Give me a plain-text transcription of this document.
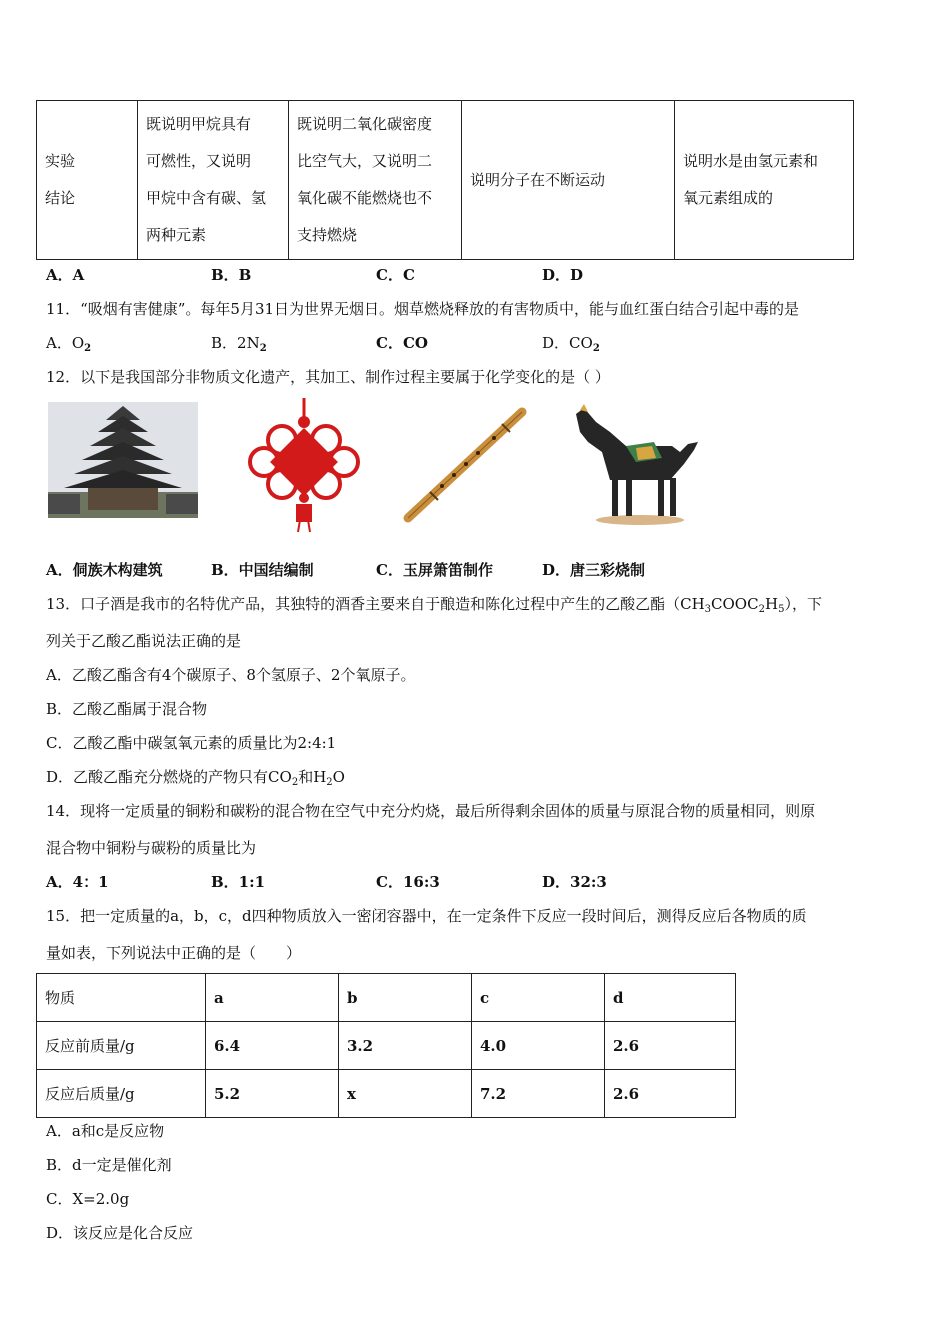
实验
结论

既说明甲烷具有
可燃性，又说明
甲烷中含有碳、氢
两种元素

既说明二氧化碳密度
比空气大，又说明二
氧化碳不能燃烧也不
支持燃烧

说明分子在不断运动

说明水是由氢元素和
氧元素组成的
A．A	B．B	C．C	D．D
11．“吸烟有害健康”。每年5月31日为世界无烟日。烟草燃烧释放的有害物质中，能与血红蛋白结合引起中毒的是
A．$O_2$	B．$2N_2$	C．CO	D．$CO_2$
12．以下是我国部分非物质文化遗产，其加工、制作过程主要属于化学变化的是（ ）
A．侗族木构建筑	B．中国结编制	C．玉屏箫笛制作	D．唐三彩烧制
13．口子酒是我市的名特优产品，其独特的酒香主要来自于酿造和陈化过程中产生的乙酸乙酯$(CH_3COOC_2H_5)$，下
列关于乙酸乙酯说法正确的是
A．乙酸乙酯含有4个碳原子、8个氢原子、2个氧原子。
B．乙酸乙酯属于混合物
C．乙酸乙酯中碳氢氧元素的质量比为2:4:1
D．乙酸乙酯充分燃烧的产物只有$CO_2$和$H_2O$
14．现将一定质量的铜粉和碳粉的混合物在空气中充分灼烧，最后所得剩余固体的质量与原混合物的质量相同，则原
混合物中铜粉与碳粉的质量比为
A．4：1	B．1:1	C．16:3	D．32:3
15．把一定质量的a，b，c，d四种物质放入一密闭容器中，在一定条件下反应一段时间后，测得反应后各物质的质
量如表，下列说法中正确的是（　　）
物质	a	b	c	d
反应前质量/g	6.4	3.2	4.0	2.6
反应后质量/g	5.2	x	7.2	2.6
A．a和c是反应物
B．d一定是催化剂
C．X=2.0g
D．该反应是化合反应
